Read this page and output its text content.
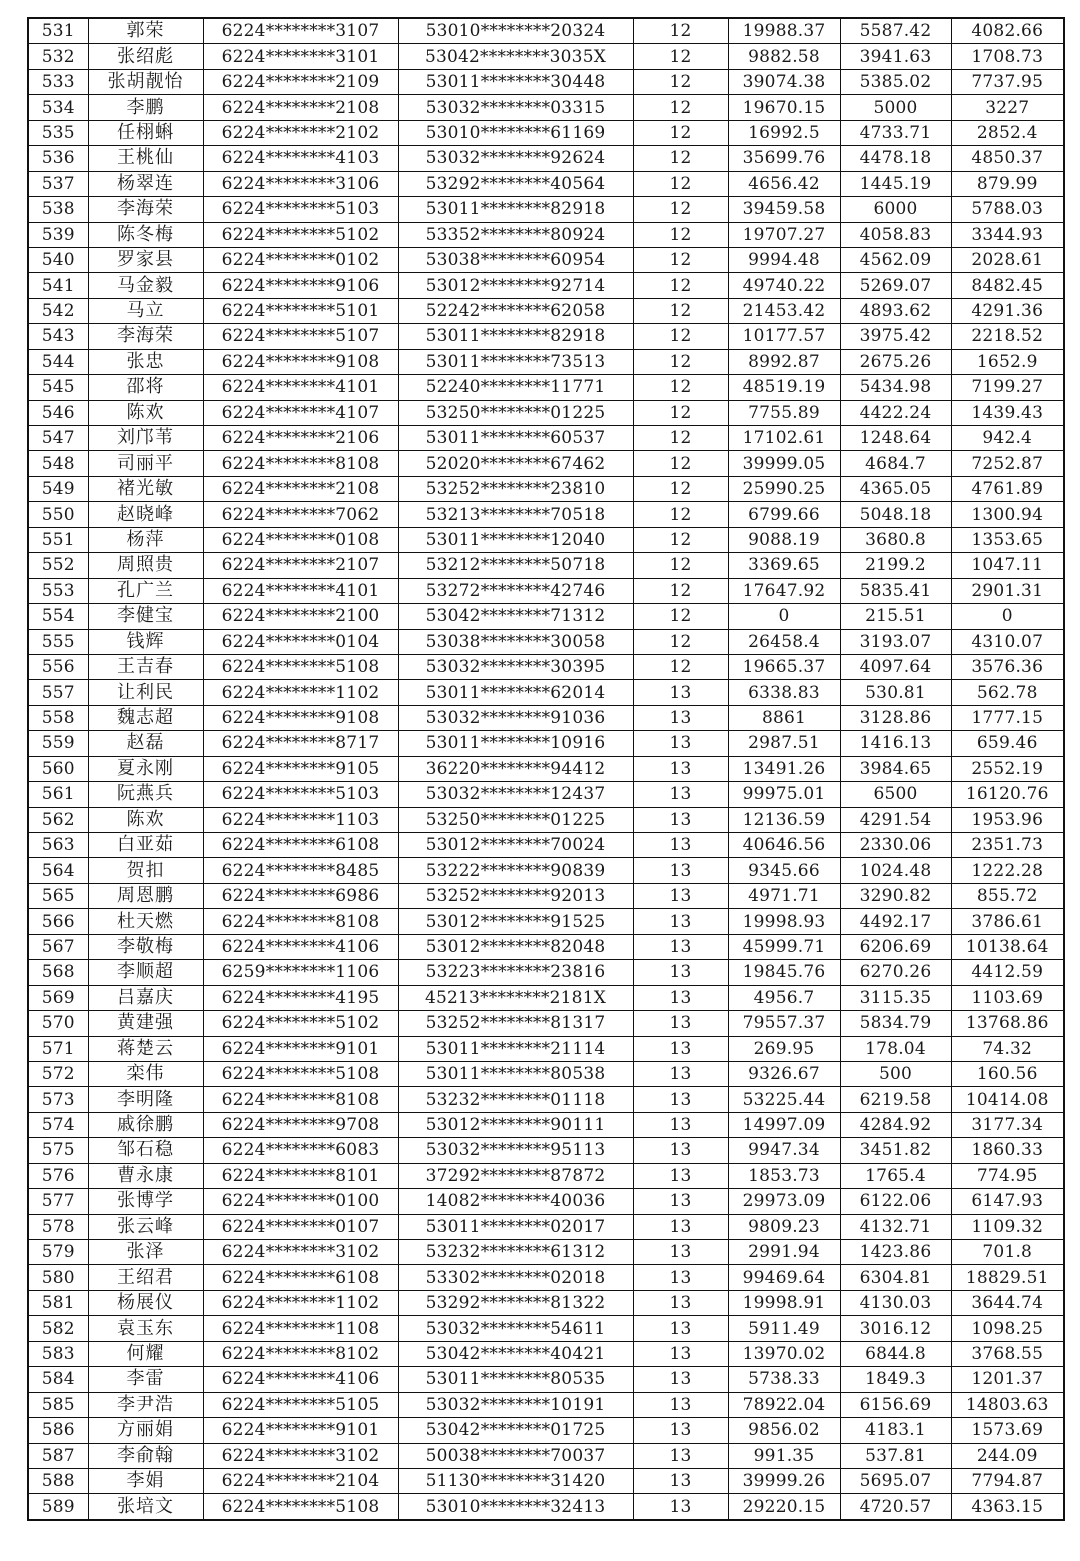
531	郭荣	6224********3107	53010********20324	12	19988.37	5587.42	4082.66
532	张绍彪	6224********3101	53042********3035X	12	9882.58	3941.63	1708.73
533	张胡靓怡	6224********2109	53011********30448	12	39074.38	5385.02	7737.95
534	李鹏	6224********2108	53032********03315	12	19670.15	5000	3227
535	任栩蝌	6224********2102	53010********61169	12	16992.5	4733.71	2852.4
536	王桃仙	6224********4103	53032********92624	12	35699.76	4478.18	4850.37
537	杨翠连	6224********3106	53292********40564	12	4656.42	1445.19	879.99
538	李海荣	6224********5103	53011********82918	12	39459.58	6000	5788.03
539	陈冬梅	6224********5102	53352********80924	12	19707.27	4058.83	3344.93
540	罗家县	6224********0102	53038********60954	12	9994.48	4562.09	2028.61
541	马金毅	6224********9106	53012********92714	12	49740.22	5269.07	8482.45
542	马立	6224********5101	52242********62058	12	21453.42	4893.62	4291.36
543	李海荣	6224********5107	53011********82918	12	10177.57	3975.42	2218.52
544	张忠	6224********9108	53011********73513	12	8992.87	2675.26	1652.9
545	邵将	6224********4101	52240********11771	12	48519.19	5434.98	7199.27
546	陈欢	6224********4107	53250********01225	12	7755.89	4422.24	1439.43
547	刘邝苇	6224********2106	53011********60537	12	17102.61	1248.64	942.4
548	司丽平	6224********8108	52020********67462	12	39999.05	4684.7	7252.87
549	褚光敏	6224********2108	53252********23810	12	25990.25	4365.05	4761.89
550	赵晓峰	6224********7062	53213********70518	12	6799.66	5048.18	1300.94
551	杨萍	6224********0108	53011********12040	12	9088.19	3680.8	1353.65
552	周照贵	6224********2107	53212********50718	12	3369.65	2199.2	1047.11
553	孔广兰	6224********4101	53272********42746	12	17647.92	5835.41	2901.31
554	李健宝	6224********2100	53042********71312	12	0	215.51	0
555	钱辉	6224********0104	53038********30058	12	26458.4	3193.07	4310.07
556	王吉春	6224********5108	53032********30395	12	19665.37	4097.64	3576.36
557	让利民	6224********1102	53011********62014	13	6338.83	530.81	562.78
558	魏志超	6224********9108	53032********91036	13	8861	3128.86	1777.15
559	赵磊	6224********8717	53011********10916	13	2987.51	1416.13	659.46
560	夏永刚	6224********9105	36220********94412	13	13491.26	3984.65	2552.19
561	阮燕兵	6224********5103	53032********12437	13	99975.01	6500	16120.76
562	陈欢	6224********1103	53250********01225	13	12136.59	4291.54	1953.96
563	白亚茹	6224********6108	53012********70024	13	40646.56	2330.06	2351.73
564	贺扣	6224********8485	53222********90839	13	9345.66	1024.48	1222.28
565	周恩鹏	6224********6986	53252********92013	13	4971.71	3290.82	855.72
566	杜天燃	6224********8108	53012********91525	13	19998.93	4492.17	3786.61
567	李敬梅	6224********4106	53012********82048	13	45999.71	6206.69	10138.64
568	李顺超	6259********1106	53223********23816	13	19845.76	6270.26	4412.59
569	吕嘉庆	6224********4195	45213********2181X	13	4956.7	3115.35	1103.69
570	黄建强	6224********5102	53252********81317	13	79557.37	5834.79	13768.86
571	蒋楚云	6224********9101	53011********21114	13	269.95	178.04	74.32
572	栾伟	6224********5108	53011********80538	13	9326.67	500	160.56
573	李明隆	6224********8108	53232********01118	13	53225.44	6219.58	10414.08
574	戚徐鹏	6224********9708	53012********90111	13	14997.09	4284.92	3177.34
575	邹石稳	6224********6083	53032********95113	13	9947.34	3451.82	1860.33
576	曹永康	6224********8101	37292********87872	13	1853.73	1765.4	774.95
577	张博学	6224********0100	14082********40036	13	29973.09	6122.06	6147.93
578	张云峰	6224********0107	53011********02017	13	9809.23	4132.71	1109.32
579	张泽	6224********3102	53232********61312	13	2991.94	1423.86	701.8
580	王绍君	6224********6108	53302********02018	13	99469.64	6304.81	18829.51
581	杨展仪	6224********1102	53292********81322	13	19998.91	4130.03	3644.74
582	袁玉东	6224********1108	53032********54611	13	5911.49	3016.12	1098.25
583	何耀	6224********8102	53042********40421	13	13970.02	6844.8	3768.55
584	李雷	6224********4106	53011********80535	13	5738.33	1849.3	1201.37
585	李尹浩	6224********5105	53032********10191	13	78922.04	6156.69	14803.63
586	方丽娟	6224********9101	53042********01725	13	9856.02	4183.1	1573.69
587	李俞翰	6224********3102	50038********70037	13	991.35	537.81	244.09
588	李娟	6224********2104	51130********31420	13	39999.26	5695.07	7794.87
589	张培文	6224********5108	53010********32413	13	29220.15	4720.57	4363.15
